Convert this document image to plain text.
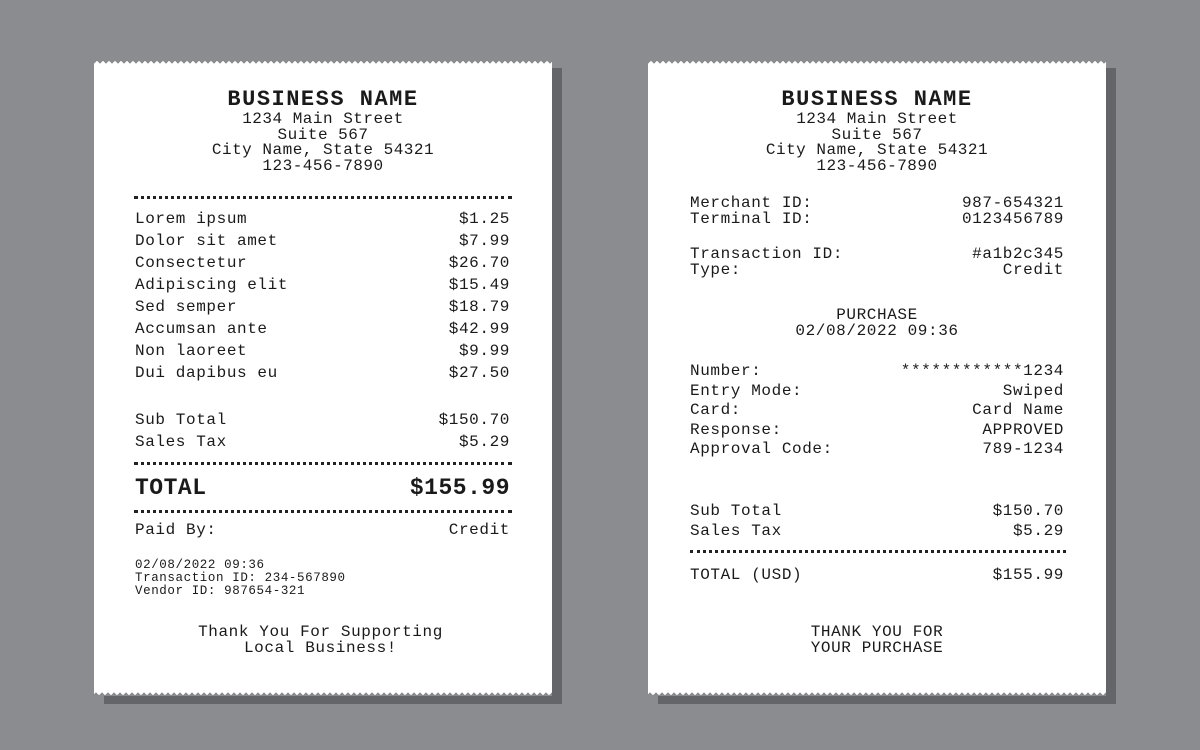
BUSINESS NAME
1234 Main Street
Suite 567
City Name, State 54321
123-456-7890
Lorem ipsum	$1.25
Dolor sit amet	$7.99
Consectetur	$26.70
Adipiscing elit	$15.49
Sed semper	$18.79
Accumsan ante	$42.99
Non laoreet	$9.99
Dui dapibus eu	$27.50
Sub Total	$150.70
Sales Tax	$5.29
TOTAL	$155.99
Paid By:	Credit
02/08/2022 09:36
Transaction ID: 234-567890
Vendor ID: 987654-321
Thank You For Supporting
Local Business!
BUSINESS NAME
1234 Main Street
Suite 567
City Name, State 54321
123-456-7890
Merchant ID:	987-654321
Terminal ID:	0123456789
Transaction ID:	#a1b2c345
Type:	Credit
PURCHASE
02/08/2022 09:36
Number:	************1234
Entry Mode:	Swiped
Card:	Card Name
Response:	APPROVED
Approval Code:	789-1234
Sub Total	$150.70
Sales Tax	$5.29
TOTAL (USD)	$155.99
THANK YOU FOR
YOUR PURCHASE
